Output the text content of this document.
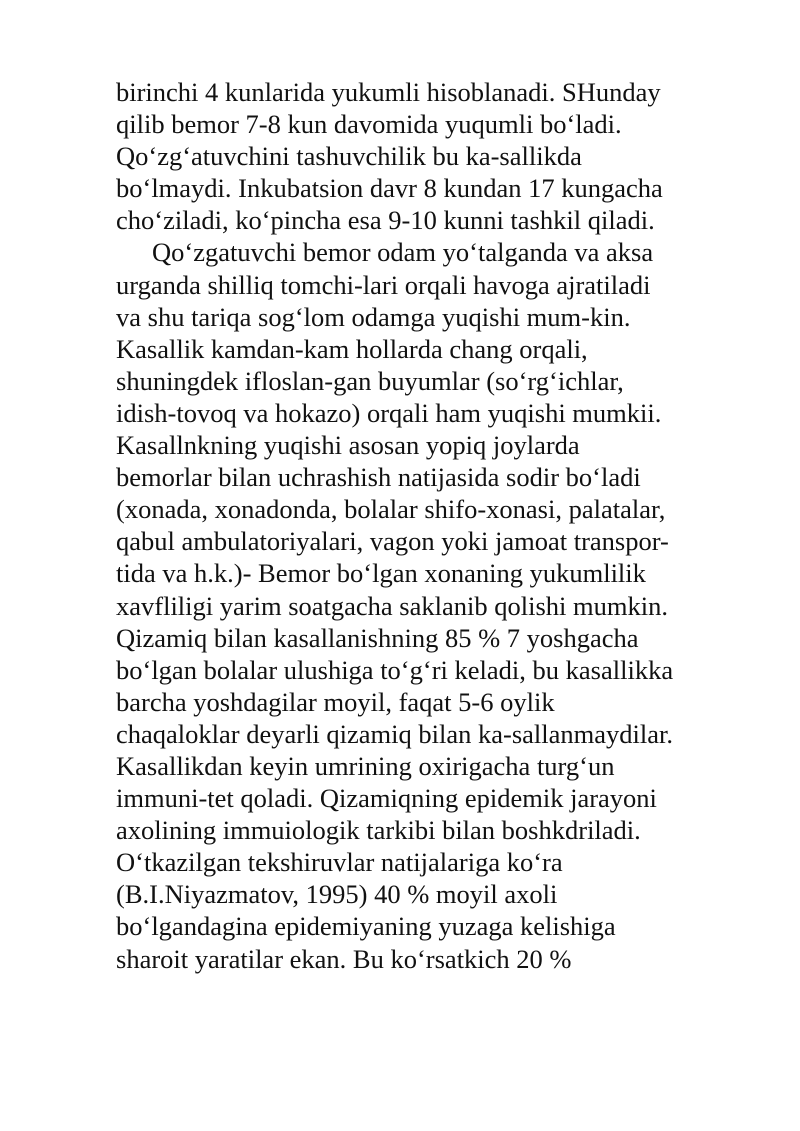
birinchi 4 kunlarida yukumli hisoblanadi. SHunday
qilib bemor 7-8 kun davomida yuqumli bo‘ladi.
Qo‘zg‘atuvchini tashuvchilik bu ka-sallikda
bo‘lmaydi. Inkubatsion davr 8 kundan 17 kungacha
cho‘ziladi, ko‘pincha esa 9-10 kunni tashkil qiladi.
Qo‘zgatuvchi bemor odam yo‘talganda va aksa
urganda shilliq tomchi-lari orqali havoga ajratiladi
va shu tariqa sog‘lom odamga yuqishi mum-kin.
Kasallik kamdan-kam hollarda chang orqali,
shuningdek ifloslan-gan buyumlar (so‘rg‘ichlar,
idish-tovoq va hokazo) orqali ham yuqishi mumkii.
Kasallnkning yuqishi asosan yopiq joylarda
bemorlar bilan uchrashish natijasida sodir bo‘ladi
(xonada, xonadonda, bolalar shifo-xonasi, palatalar,
qabul ambulatoriyalari, vagon yoki jamoat transpor-
tida va h.k.)- Bemor bo‘lgan xonaning yukumlilik
xavfliligi yarim soatgacha saklanib qolishi mumkin.
Qizamiq bilan kasallanishning 85 % 7 yoshgacha
bo‘lgan bolalar ulushiga to‘g‘ri keladi, bu kasallikka
barcha yoshdagilar moyil, faqat 5-6 oylik
chaqaloklar deyarli qizamiq bilan ka-sallanmaydilar.
Kasallikdan keyin umrining oxirigacha turg‘un
immuni-tet qoladi. Qizamiqning epidemik jarayoni
axolining immuiologik tarkibi bilan boshkdriladi.
O‘tkazilgan tekshiruvlar natijalariga ko‘ra
(B.I.Niyazmatov, 1995) 40 % moyil axoli
bo‘lgandagina epidemiyaning yuzaga kelishiga
sharoit yaratilar ekan. Bu ko‘rsatkich 20 %
